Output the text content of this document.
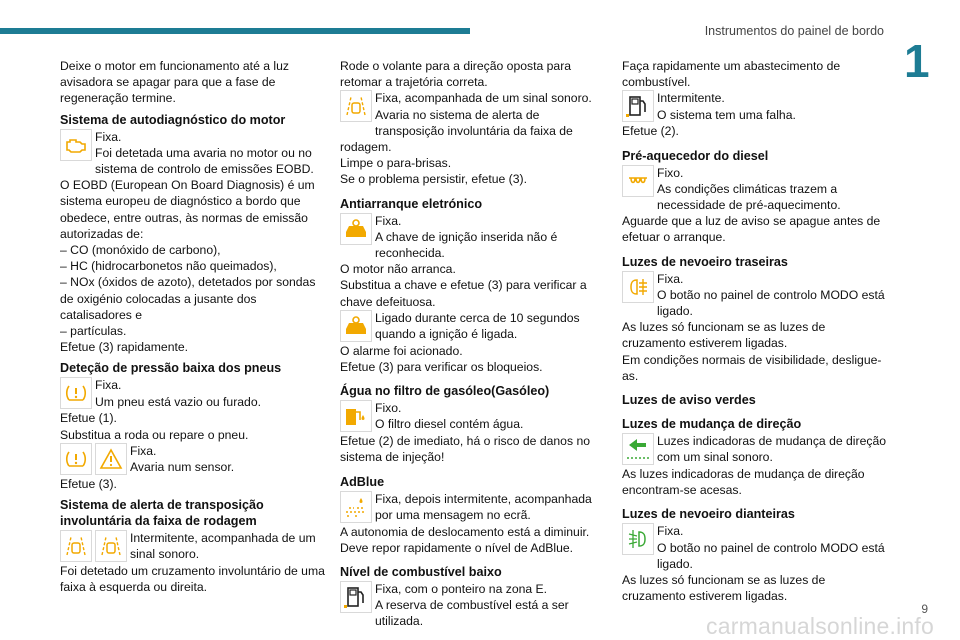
Instrumentos do painel de bordo
1
9
carmanualsonline.info

Deixe o motor em funcionamento até a luz avisadora se apagar para que a fase de regeneração termine.

Sistema de autodiagnóstico do motor

Fixa.

Foi detetada uma avaria no motor ou no sistema de controlo de emissões EOBD.

O EOBD (European On Board Diagnosis) é um sistema europeu de diagnóstico a bordo que obedece, entre outras, às normas de emissão autorizadas de:

– CO (monóxido de carbono),

– HC (hidrocarbonetos não queimados),

– NOx (óxidos de azoto), detetados por sondas de oxigénio colocadas a jusante dos catalisadores e

– partículas.

Efetue (3) rapidamente.

Deteção de pressão baixa dos pneus

Fixa.

Um pneu está vazio ou furado.

Efetue (1).

Substitua a roda ou repare o pneu.

Fixa.

Avaria num sensor.

Efetue (3).

Sistema de alerta de transposição involuntária da faixa de rodagem

Intermitente, acompanhada de um sinal sonoro.

Foi detetado um cruzamento involuntário de uma faixa à esquerda ou direita.

Rode o volante para a direção oposta para retomar a trajetória correta.

Fixa, acompanhada de um sinal sonoro.

Avaria no sistema de alerta de transposição involuntária da faixa de rodagem.

Limpe o para-brisas.

Se o problema persistir, efetue (3).

Antiarranque eletrónico

Fixa.

A chave de ignição inserida não é reconhecida.

O motor não arranca.

Substitua a chave e efetue (3) para verificar a chave defeituosa.

Ligado durante cerca de 10 segundos quando a ignição é ligada.

O alarme foi acionado.

Efetue (3) para verificar os bloqueios.

Água no filtro de gasóleo(Gasóleo)

Fixo.

O filtro diesel contém água.

Efetue (2) de imediato, há o risco de danos no sistema de injeção!

AdBlue

Fixa, depois intermitente, acompanhada por uma mensagem no ecrã.

A autonomia de deslocamento está a diminuir.

Deve repor rapidamente o nível de AdBlue.

Nível de combustível baixo

Fixa, com o ponteiro na zona E.

A reserva de combustível está a ser utilizada.

Faça rapidamente um abastecimento de combustível.

Intermitente.

O sistema tem uma falha.

Efetue (2).

Pré-aquecedor do diesel

Fixo.

As condições climáticas trazem a necessidade de pré-aquecimento.

Aguarde que a luz de aviso se apague antes de efetuar o arranque.

Luzes de nevoeiro traseiras

Fixa.

O botão no painel de controlo MODO está ligado.

As luzes só funcionam se as luzes de cruzamento estiverem ligadas.

Em condições normais de visibilidade, desligue-as.

Luzes de aviso verdes
Luzes de mudança de direção

Luzes indicadoras de mudança de direção com um sinal sonoro.

As luzes indicadoras de mudança de direção encontram-se acesas.

Luzes de nevoeiro dianteiras

Fixa.

O botão no painel de controlo MODO está ligado.

As luzes só funcionam se as luzes de cruzamento estiverem ligadas.
